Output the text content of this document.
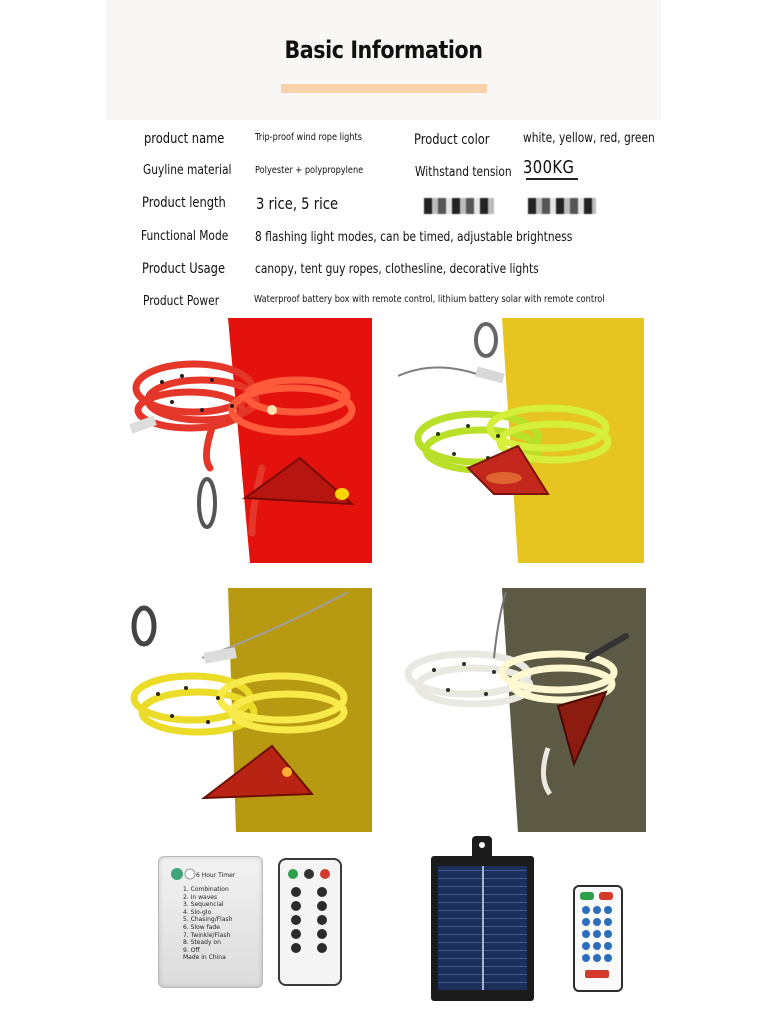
Basic Information
product name	Trip-proof wind rope lights	Product color	white, yellow, red, green
Guyline material Polyester + polypropylene	Withstand tension 300KG
Product length 3 rice, 5 rice
Functional Mode 8 flashing light modes, can be timed, adjustable brightness
Product Usage canopy, tent guy ropes, clothesline, decorative lights
Product Power	Waterproof battery box with remote control, lithium battery solar with remote control
6 Hour Timer
1. Combination
2. In waves
3. Sequencial
4. Slo-glo
5. Chasing/Flash
6. Slow fade
7. Twinkle/Flash
8. Steady on
9. Off
Made in China
